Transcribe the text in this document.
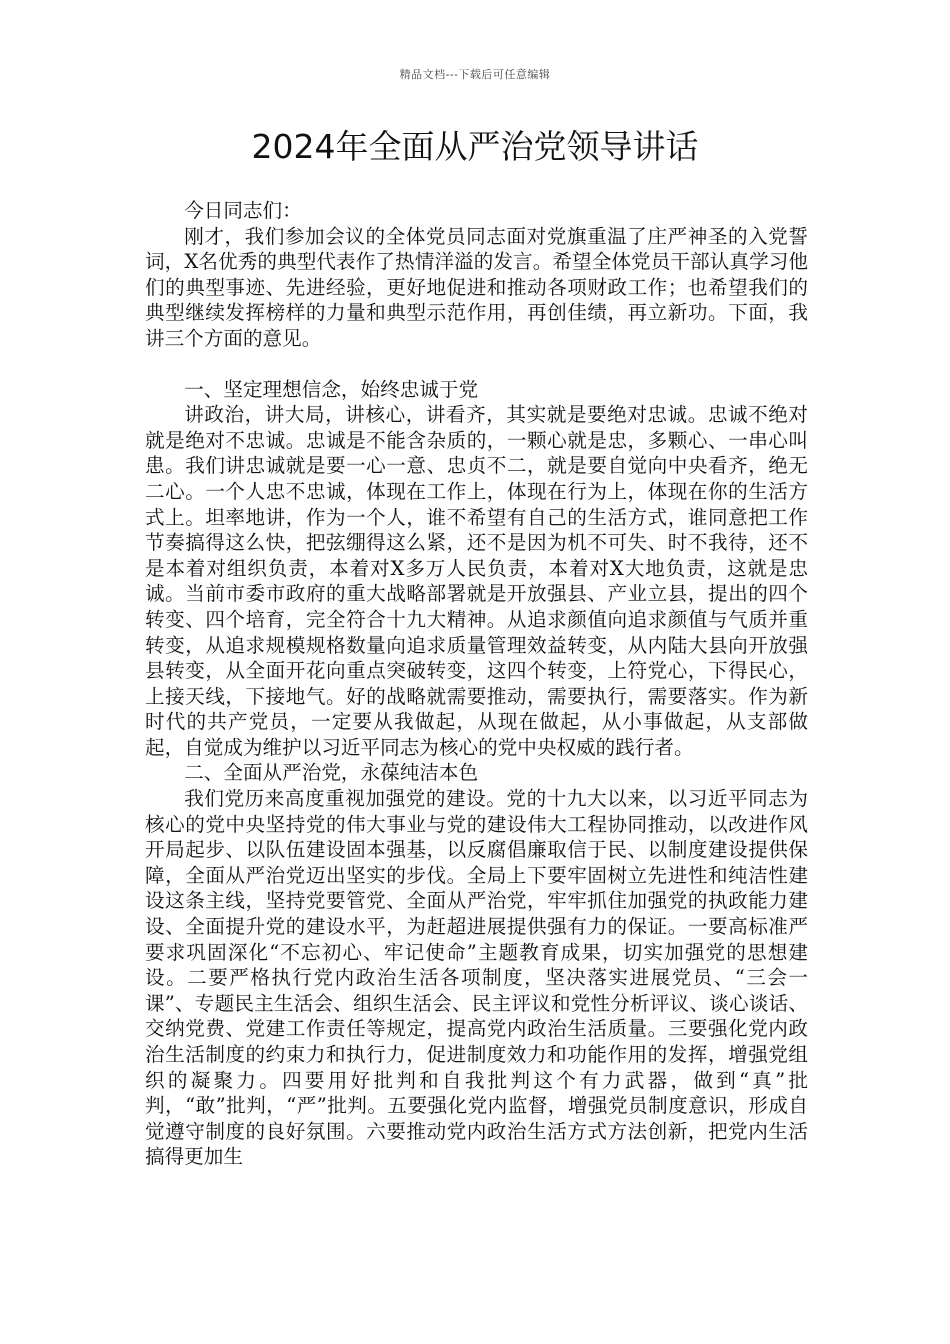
精品文档---下载后可任意编辑
2024年全面从严治党领导讲话

今日同志们：

刚才，我们参加会议的全体党员同志面对党旗重温了庄严神圣的入党誓词，X名优秀的典型代表作了热情洋溢的发言。希望全体党员干部认真学习他们的典型事迹、先进经验，更好地促进和推动各项财政工作；也希望我们的典型继续发挥榜样的力量和典型示范作用，再创佳绩，再立新功。下面，我讲三个方面的意见。

一、坚定理想信念，始终忠诚于党

讲政治，讲大局，讲核心，讲看齐，其实就是要绝对忠诚。忠诚不绝对就是绝对不忠诚。忠诚是不能含杂质的，一颗心就是忠，多颗心、一串心叫患。我们讲忠诚就是要一心一意、忠贞不二，就是要自觉向中央看齐，绝无二心。一个人忠不忠诚，体现在工作上，体现在行为上，体现在你的生活方式上。坦率地讲，作为一个人，谁不希望有自己的生活方式，谁同意把工作节奏搞得这么快，把弦绷得这么紧，还不是因为机不可失、时不我待，还不是本着对组织负责，本着对X多万人民负责，本着对X大地负责，这就是忠诚。当前市委市政府的重大战略部署就是开放强县、产业立县，提出的四个转变、四个培育，完全符合十九大精神。从追求颜值向追求颜值与气质并重转变，从追求规模规格数量向追求质量管理效益转变，从内陆大县向开放强县转变，从全面开花向重点突破转变，这四个转变，上符党心，下得民心，上接天线，下接地气。好的战略就需要推动，需要执行，需要落实。作为新时代的共产党员，一定要从我做起，从现在做起，从小事做起，从支部做起，自觉成为维护以习近平同志为核心的党中央权威的践行者。

二、全面从严治党，永葆纯洁本色

我们党历来高度重视加强党的建设。党的十九大以来，以习近平同志为核心的党中央坚持党的伟大事业与党的建设伟大工程协同推动，以改进作风开局起步、以队伍建设固本强基，以反腐倡廉取信于民、以制度建设提供保障，全面从严治党迈出坚实的步伐。全局上下要牢固树立先进性和纯洁性建设这条主线，坚持党要管党、全面从严治党，牢牢抓住加强党的执政能力建设、全面提升党的建设水平，为赶超进展提供强有力的保证。一要高标准严要求巩固深化“不忘初心、牢记使命”主题教育成果，切实加强党的思想建设。二要严格执行党内政治生活各项制度，坚决落实进展党员、“三会一课”、专题民主生活会、组织生活会、民主评议和党性分析评议、谈心谈话、交纳党费、党建工作责任等规定，提高党内政治生活质量。三要强化党内政治生活制度的约束力和执行力，促进制度效力和功能作用的发挥，增强党组织的凝聚力。四要用好批判和自我批判这个有力武器，做到“真”批判，“敢”批判，“严”批判。五要强化党内监督，增强党员制度意识，形成自觉遵守制度的良好氛围。六要推动党内政治生活方式方法创新，把党内生活搞得更加生
